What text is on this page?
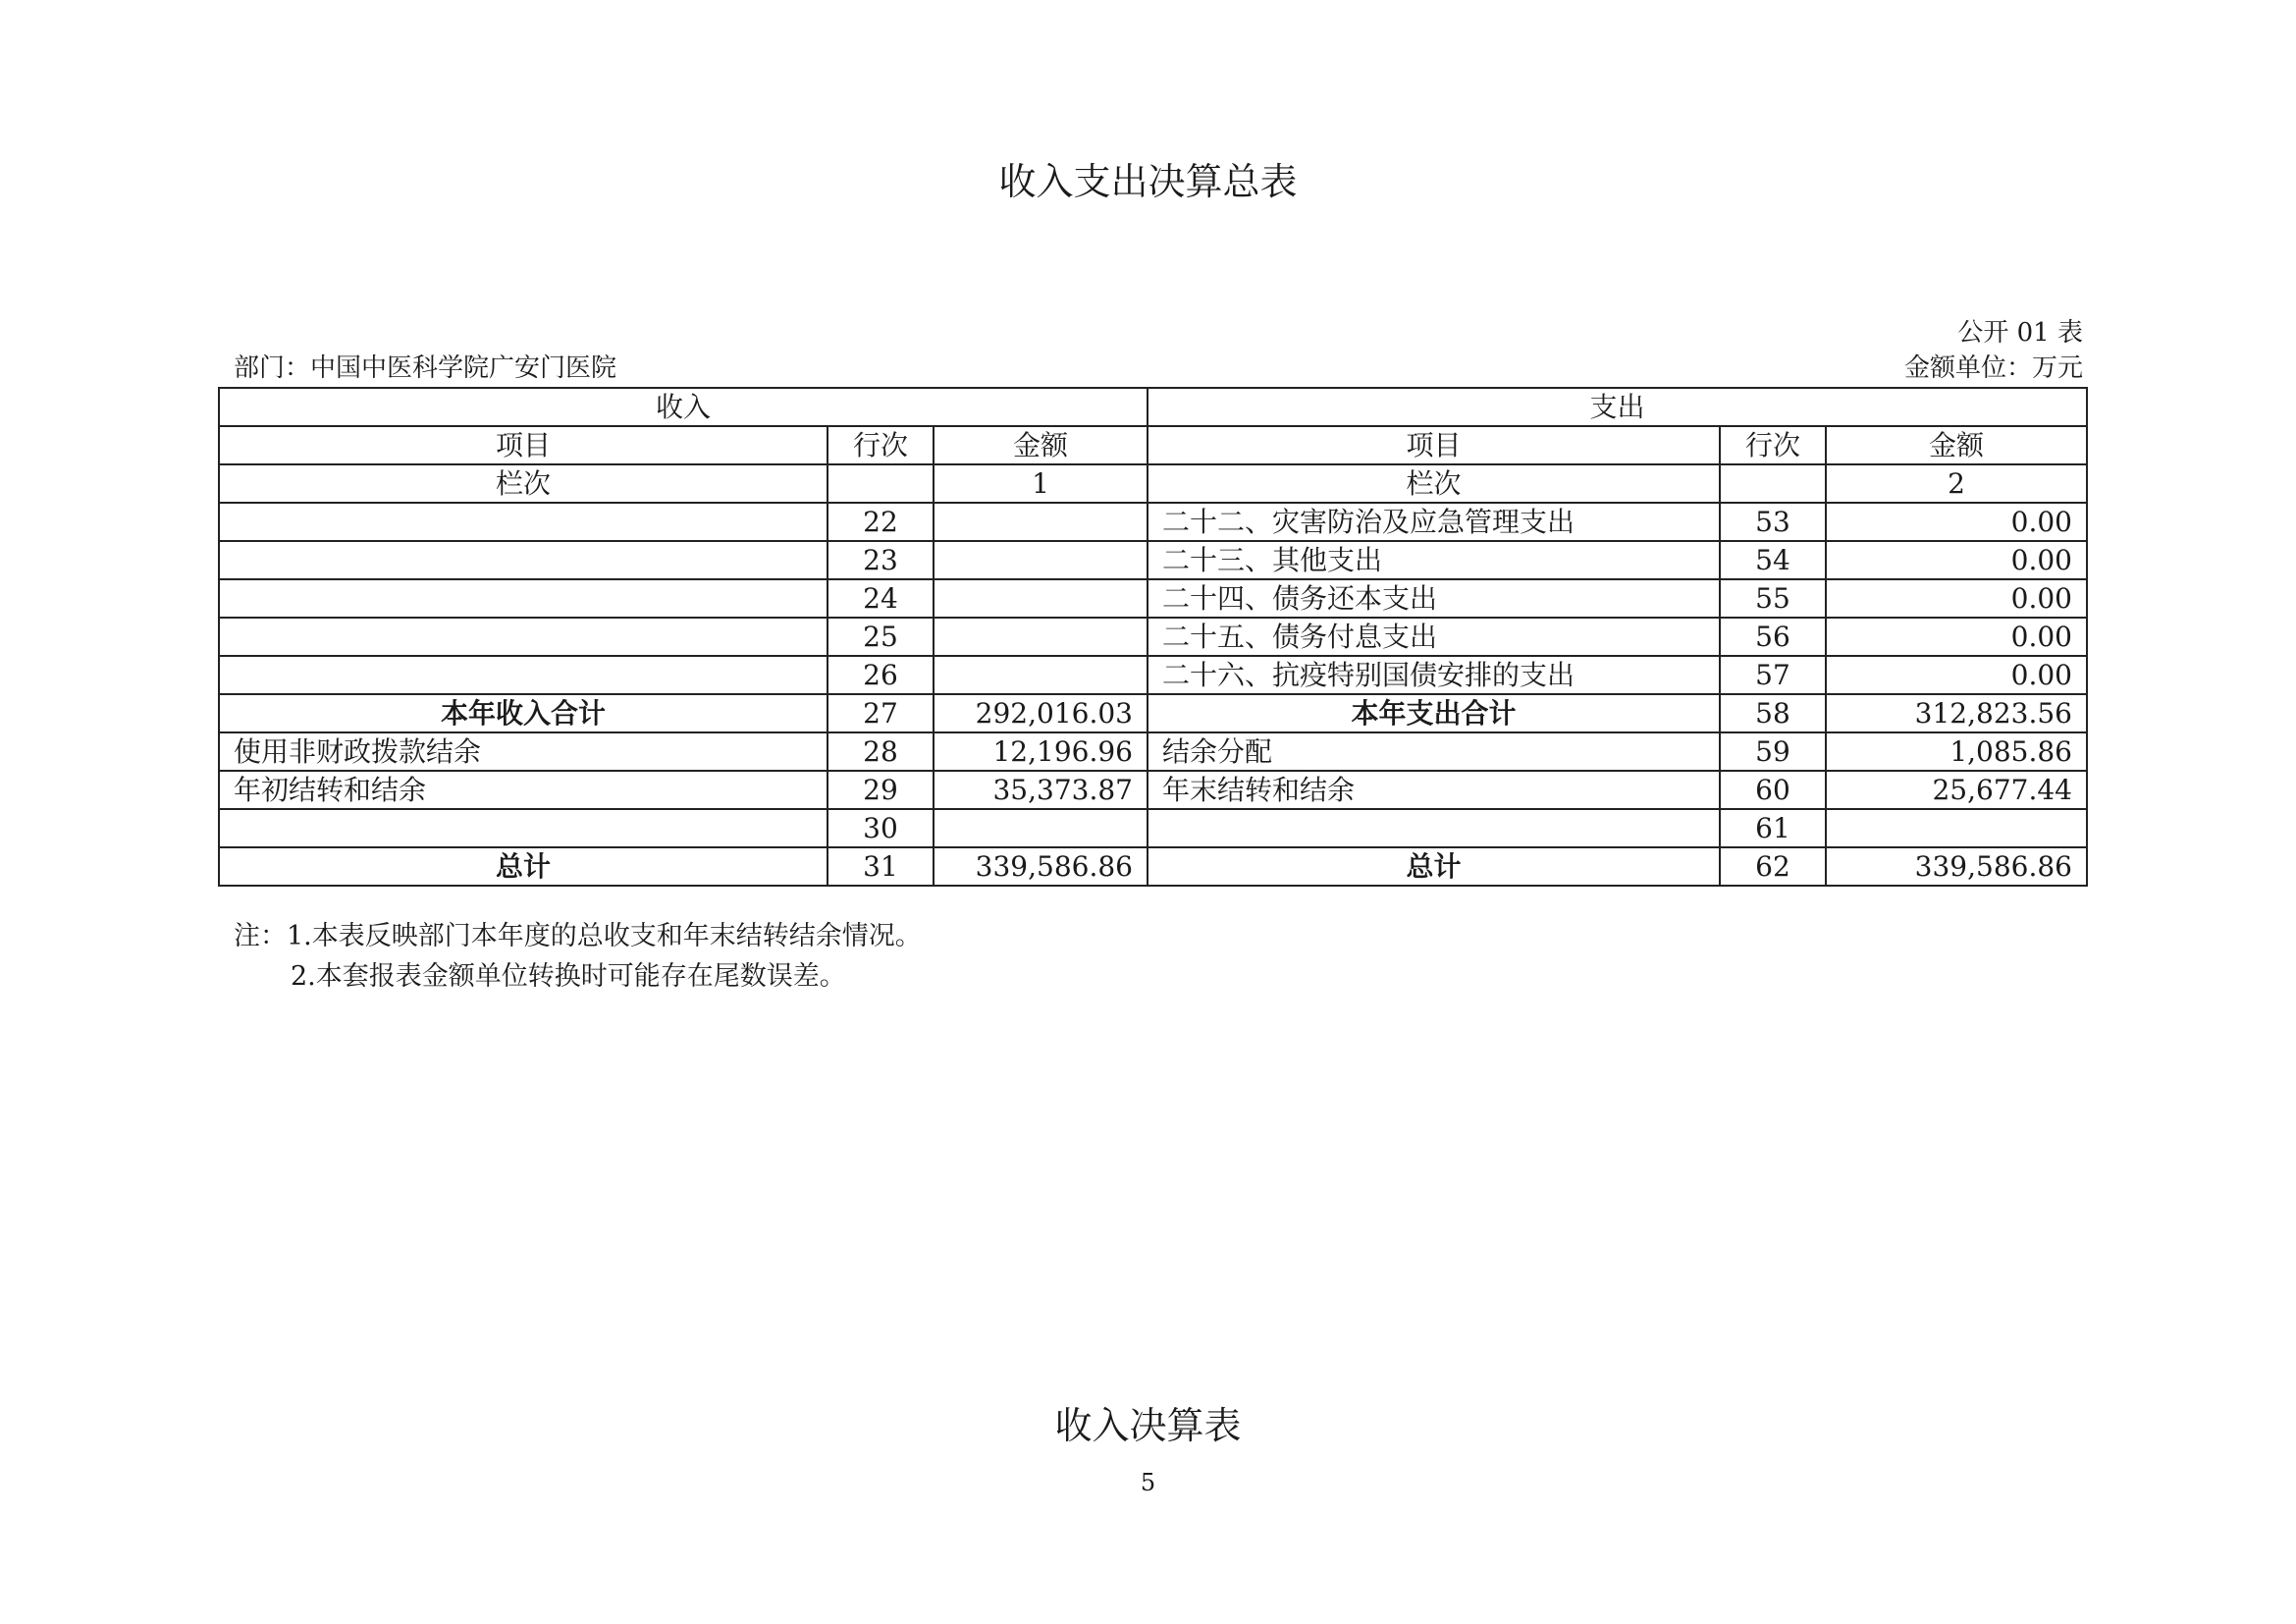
收入支出决算总表
公开 01 表
部门：中国中医科学院广安门医院	金额单位：万元
收入			支出		
项目	行次	金额	项目	行次	金额
栏次		1	栏次		2
	22		二十二、灾害防治及应急管理支出	53	0.00
	23		二十三、其他支出	54	0.00
	24		二十四、债务还本支出	55	0.00
	25		二十五、债务付息支出	56	0.00
	26		二十六、抗疫特别国债安排的支出	57	0.00
本年收入合计	27	292,016.03	本年支出合计	58	312,823.56
使用非财政拨款结余	28	12,196.96	结余分配	59	1,085.86
年初结转和结余	29	35,373.87	年末结转和结余	60	25,677.44
	30			61	
总计	31	339,586.86	总计	62	339,586.86
注：1.本表反映部门本年度的总收支和年末结转结余情况。
2.本套报表金额单位转换时可能存在尾数误差。
收入决算表
5
